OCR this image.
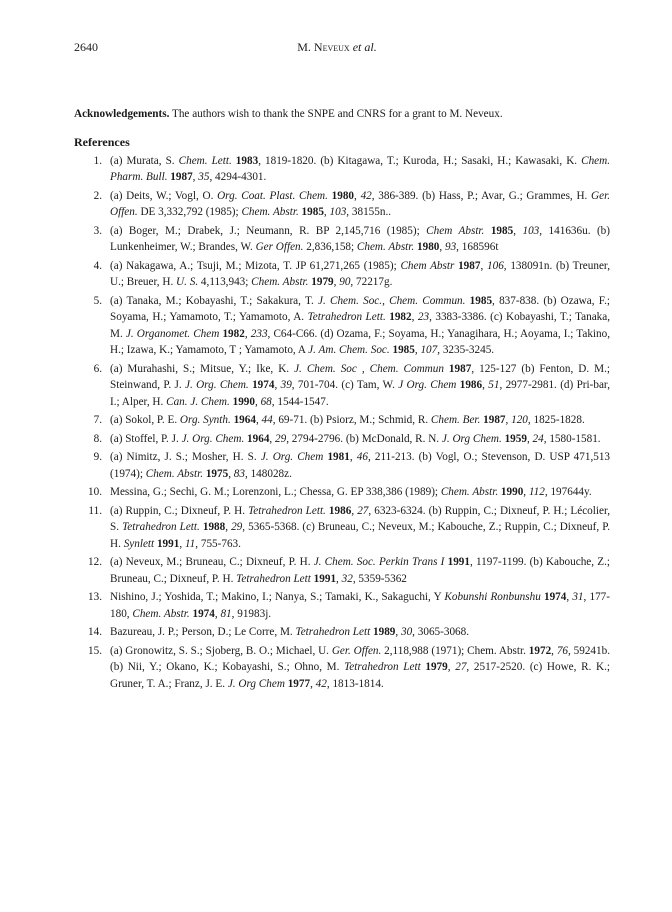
2640	M. Neveux et al.

Acknowledgements. The authors wish to thank the SNPE and CNRS for a grant to M. Neveux.

References
1. (a) Murata, S. Chem. Lett. 1983, 1819-1820. (b) Kitagawa, T.; Kuroda, H.; Sasaki, H.; Kawasaki, K. Chem. Pharm. Bull. 1987, 35, 4294-4301.
2. (a) Deits, W.; Vogl, O. Org. Coat. Plast. Chem. 1980, 42, 386-389. (b) Hass, P.; Avar, G.; Grammes, H. Ger. Offen. DE 3,332,792 (1985); Chem. Abstr. 1985, 103, 38155n..
3. (a) Boger, M.; Drabek, J.; Neumann, R. BP 2,145,716 (1985); Chem Abstr. 1985, 103, 141636u. (b) Lunkenheimer, W.; Brandes, W. Ger Offen. 2,836,158; Chem. Abstr. 1980, 93, 168596t
4. (a) Nakagawa, A.; Tsuji, M.; Mizota, T. JP 61,271,265 (1985); Chem Abstr 1987, 106, 138091n. (b) Treuner, U.; Breuer, H. U. S. 4,113,943; Chem. Abstr. 1979, 90, 72217g.
5. (a) Tanaka, M.; Kobayashi, T.; Sakakura, T. J. Chem. Soc., Chem. Commun. 1985, 837-838. (b) Ozawa, F.; Soyama, H.; Yamamoto, T.; Yamamoto, A. Tetrahedron Lett. 1982, 23, 3383-3386. (c) Kobayashi, T.; Tanaka, M. J. Organomet. Chem 1982, 233, C64-C66. (d) Ozama, F.; Soyama, H.; Yanagihara, H.; Aoyama, I.; Takino, H.; Izawa, K.; Yamamoto, T ; Yamamoto, A J. Am. Chem. Soc. 1985, 107, 3235-3245.
6. (a) Murahashi, S.; Mitsue, Y.; Ike, K. J. Chem. Soc , Chem. Commun 1987, 125-127 (b) Fenton, D. M.; Steinwand, P. J. J. Org. Chem. 1974, 39, 701-704. (c) Tam, W. J Org. Chem 1986, 51, 2977-2981. (d) Pri-bar, I.; Alper, H. Can. J. Chem. 1990, 68, 1544-1547.
7. (a) Sokol, P. E. Org. Synth. 1964, 44, 69-71. (b) Psiorz, M.; Schmid, R. Chem. Ber. 1987, 120, 1825-1828.
8. (a) Stoffel, P. J. J. Org. Chem. 1964, 29, 2794-2796. (b) McDonald, R. N. J. Org Chem. 1959, 24, 1580-1581.
9. (a) Nimitz, J. S.; Mosher, H. S. J. Org. Chem 1981, 46, 211-213. (b) Vogl, O.; Stevenson, D. USP 471,513 (1974); Chem. Abstr. 1975, 83, 148028z.
10. Messina, G.; Sechi, G. M.; Lorenzoni, L.; Chessa, G. EP 338,386 (1989); Chem. Abstr. 1990, 112, 197644y.
11. (a) Ruppin, C.; Dixneuf, P. H. Tetrahedron Lett. 1986, 27, 6323-6324. (b) Ruppin, C.; Dixneuf, P. H.; Lécolier, S. Tetrahedron Lett. 1988, 29, 5365-5368. (c) Bruneau, C.; Neveux, M.; Kabouche, Z.; Ruppin, C.; Dixneuf, P. H. Synlett 1991, 11, 755-763.
12. (a) Neveux, M.; Bruneau, C.; Dixneuf, P. H. J. Chem. Soc. Perkin Trans I 1991, 1197-1199. (b) Kabouche, Z.; Bruneau, C.; Dixneuf, P. H. Tetrahedron Lett 1991, 32, 5359-5362
13. Nishino, J.; Yoshida, T.; Makino, I.; Nanya, S.; Tamaki, K., Sakaguchi, Y Kobunshi Ronbunshu 1974, 31, 177-180, Chem. Abstr. 1974, 81, 91983j.
14. Bazureau, J. P.; Person, D.; Le Corre, M. Tetrahedron Lett 1989, 30, 3065-3068.
15. (a) Gronowitz, S. S.; Sjoberg, B. O.; Michael, U. Ger. Offen. 2,118,988 (1971); Chem. Abstr. 1972, 76, 59241b. (b) Nii, Y.; Okano, K.; Kobayashi, S.; Ohno, M. Tetrahedron Lett 1979, 27, 2517-2520. (c) Howe, R. K.; Gruner, T. A.; Franz, J. E. J. Org Chem 1977, 42, 1813-1814.
